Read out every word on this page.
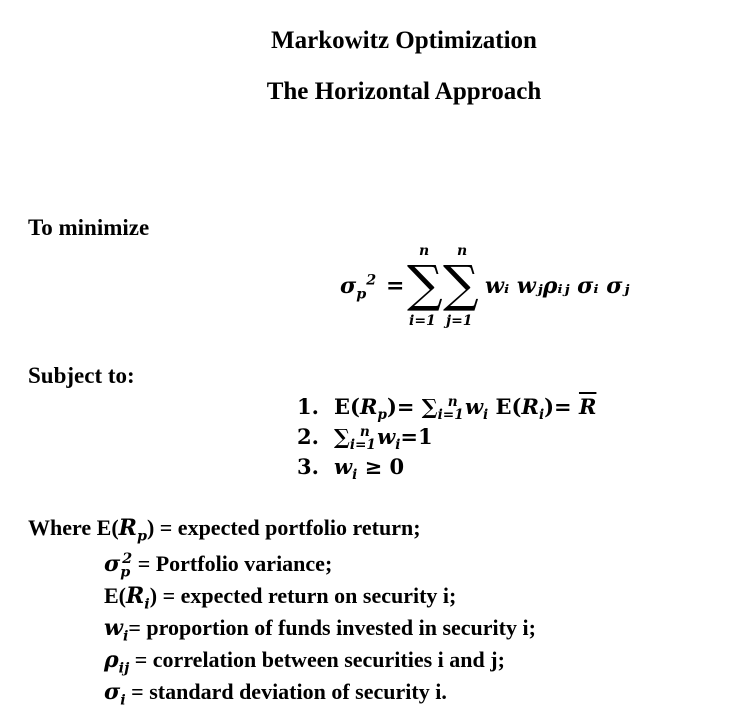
Markowitz Optimization
The Horizontal Approach
To minimize
$\sigma_p^2$ =
n
∑
i=1
n
∑
j=1
wᵢ wⱼρᵢⱼ σᵢ σⱼ
Subject to:
1. $E(R_p)= \sum_{i=1}^n$ $w_i$ $E(R_i)= \overline{R}$
2. $\sum_{i=1}^n$ $w_i=1$
3. $w_i \ge 0$
Where $E(R_p)$ = expected portfolio return;
$\sigma_p^2$ = Portfolio variance;
$E(R_i)$ = expected return on security i;
$w_i=$ proportion of funds invested in security i;
$\rho_{ij}$ = correlation between securities i and j;
$\sigma_i$ = standard deviation of security i.
